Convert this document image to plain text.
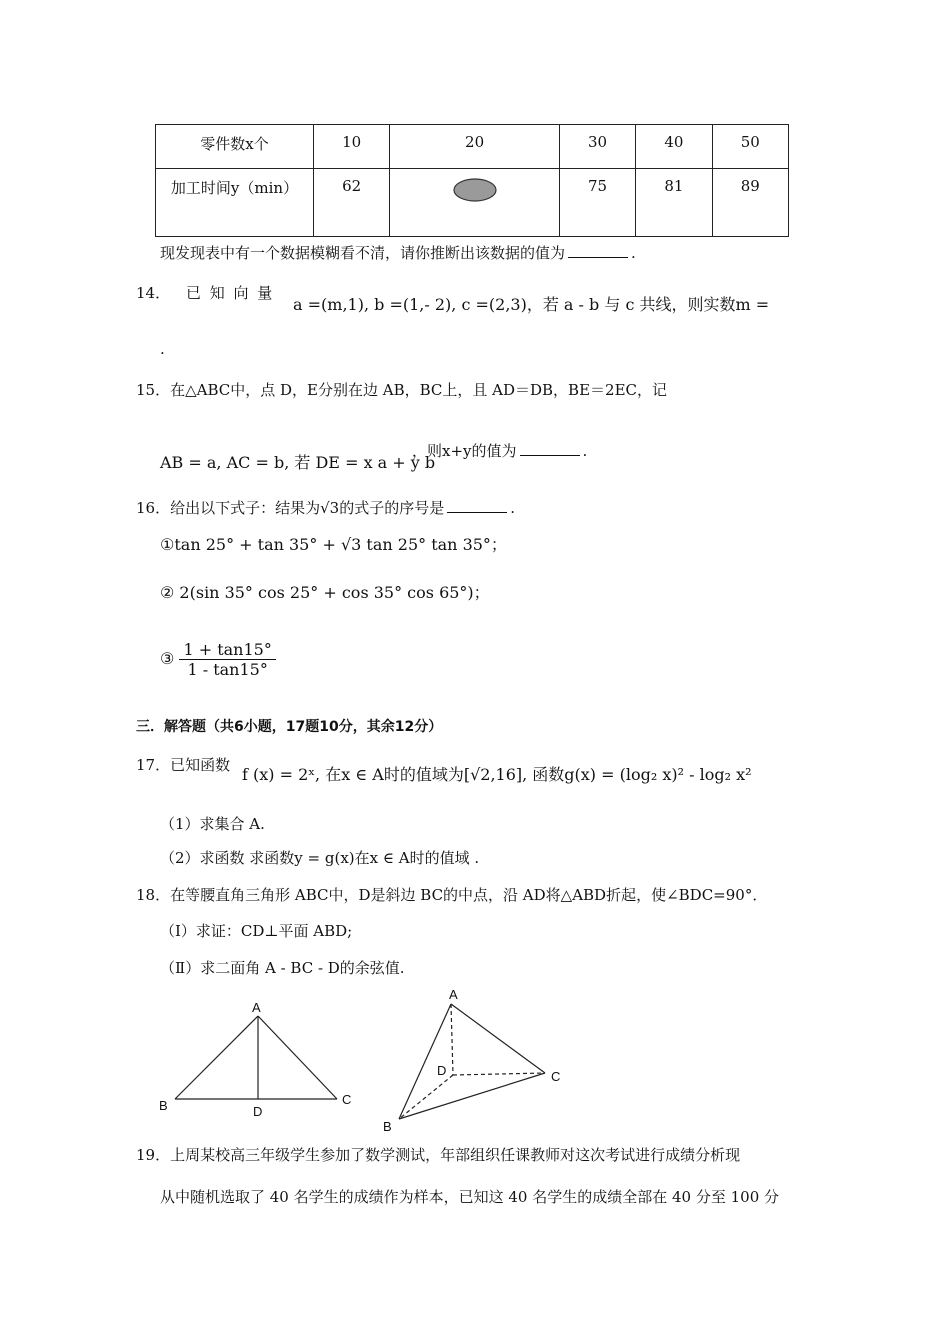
零件数x个	10	20	30	40	50
加工时间y（min）	62		75	81	89
现发现表中有一个数据模糊看不清，请你推断出该数据的值为	.
14． 已 知 向 量
a =(m,1), b =(1,- 2), c =(2,3)，若 a - b 与 c 共线，则实数m =
.
15．在△ABC中，点 D，E分别在边 AB，BC上，且 AD＝DB，BE＝2EC，记
AB = a, AC = b, 若 DE = x a + y b
，则x+y的值为	.
16．给出以下式子：结果为√3的式子的序号是	.
①tan 25° + tan 35° + √3 tan 25° tan 35°；
② 2(sin 35° cos 25° + cos 35° cos 65°)；
③ $\frac{1 + \tan 15^\circ}{1 - \tan 15^\circ}$
三．解答题（共6小题，17题10分，其余12分）
17．已知函数 f (x) = 2ˣ, 在x ∈ A时的值域为[√2,16], 函数g(x) = (log₂ x)² - log₂ x²
（1）求集合 A.
（2）求函数 求函数y = g(x)在x ∈ A时的值域 .
18．在等腰直角三角形 ABC中，D是斜边 BC的中点，沿 AD将△ABD折起，使∠BDC=90°．
（Ⅰ）求证：CD⊥平面 ABD;
（Ⅱ）求二面角 A - BC - D的余弦值.
A
B	C
D
A
B
C
D
19．上周某校高三年级学生参加了数学测试，年部组织任课教师对这次考试进行成绩分析现
从中随机选取了 40 名学生的成绩作为样本，已知这 40 名学生的成绩全部在 40 分至 100 分
